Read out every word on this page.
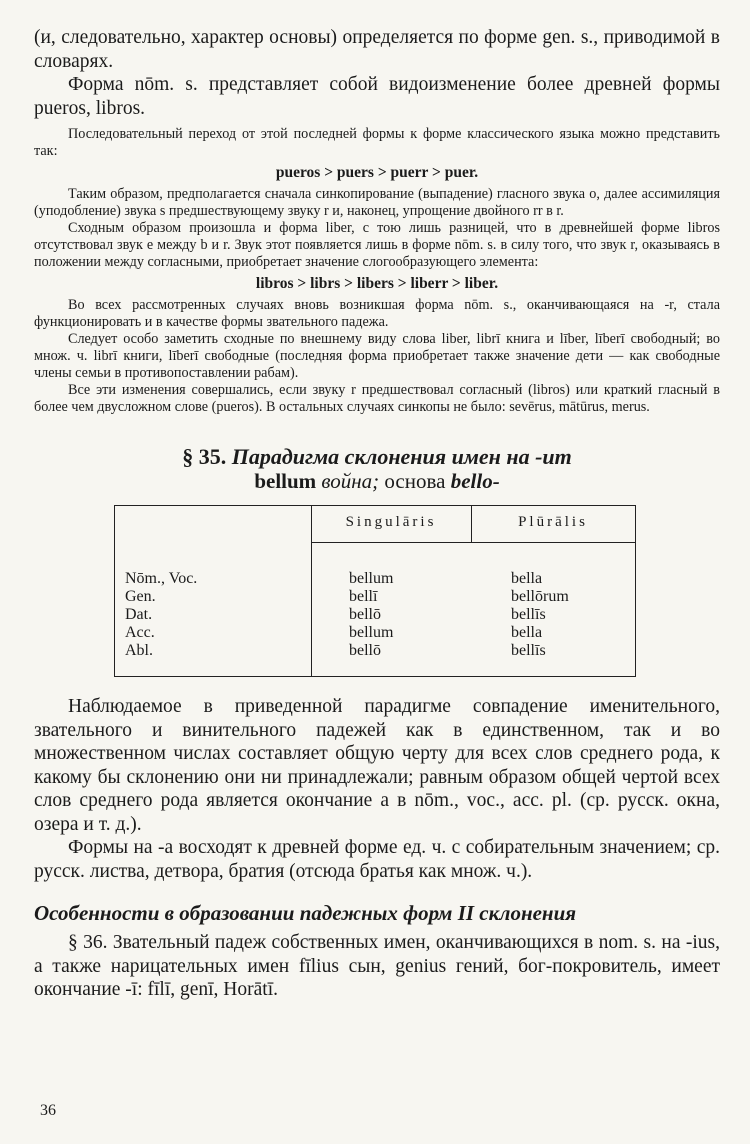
(и, следовательно, характер основы) определяется по форме gen. s., приводимой в словарях.

Форма nōm. s. представляет собой видоизменение более древней формы pueros, libros.

Последовательный переход от этой последней формы к форме классического языка можно представить так:

pueros > puers > puerr > puer.

Таким образом, предполагается сначала синкопирование (выпадение) гласного звука o, далее ассимиляция (уподобление) звука s предшествующему звуку r и, наконец, упрощение двойного rr в r.

Сходным образом произошла и форма liber, с тою лишь разницей, что в древнейшей форме libros отсутствовал звук e между b и r. Звук этот появляется лишь в форме nōm. s. в силу того, что звук r, оказываясь в положении между согласными, приобретает значение слогообразующего элемента:

libros > librs > libers > liberr > liber.

Во всех рассмотренных случаях вновь возникшая форма nōm. s., оканчивающаяся на -r, стала функционировать и в качестве формы звательного падежа.

Следует особо заметить сходные по внешнему виду слова liber, librī книга и līber, līberī свободный; во множ. ч. librī книги, līberī свободные (последняя форма приобретает также значение дети — как свободные члены семьи в противопоставлении рабам).

Все эти изменения совершались, если звуку r предшествовал согласный (libros) или краткий гласный в более чем двусложном слове (pueros). В остальных случаях синкопы не было: sevērus, mātūrus, merus.

§ 35. Парадигма склонения имен на -um
bellum война; основа bello-
Singulāris	Plūrālis
Nōm., Voc.
Gen.
Dat.
Acc.
Abl.
bellum
bellī
bellō
bellum
bellō
bella
bellōrum
bellīs
bella
bellīs

Наблюдаемое в приведенной парадигме совпадение именительного, звательного и винительного падежей как в единственном, так и во множественном числах составляет общую черту для всех слов среднего рода, к какому бы склонению они ни принадлежали; равным образом общей чертой всех слов среднего рода является окончание a в nōm., voc., acc. pl. (ср. русск. окна, озера и т. д.).

Формы на -a восходят к древней форме ед. ч. с собирательным значением; ср. русск. листва, детвора, братия (отсюда братья как множ. ч.).

Особенности в образовании падежных форм II склонения

§ 36. Звательный падеж собственных имен, оканчивающихся в nom. s. на -ius, а также нарицательных имен fīlius сын, genius гений, бог-покровитель, имеет окончание -ī: fīlī, genī, Horātī.

36
